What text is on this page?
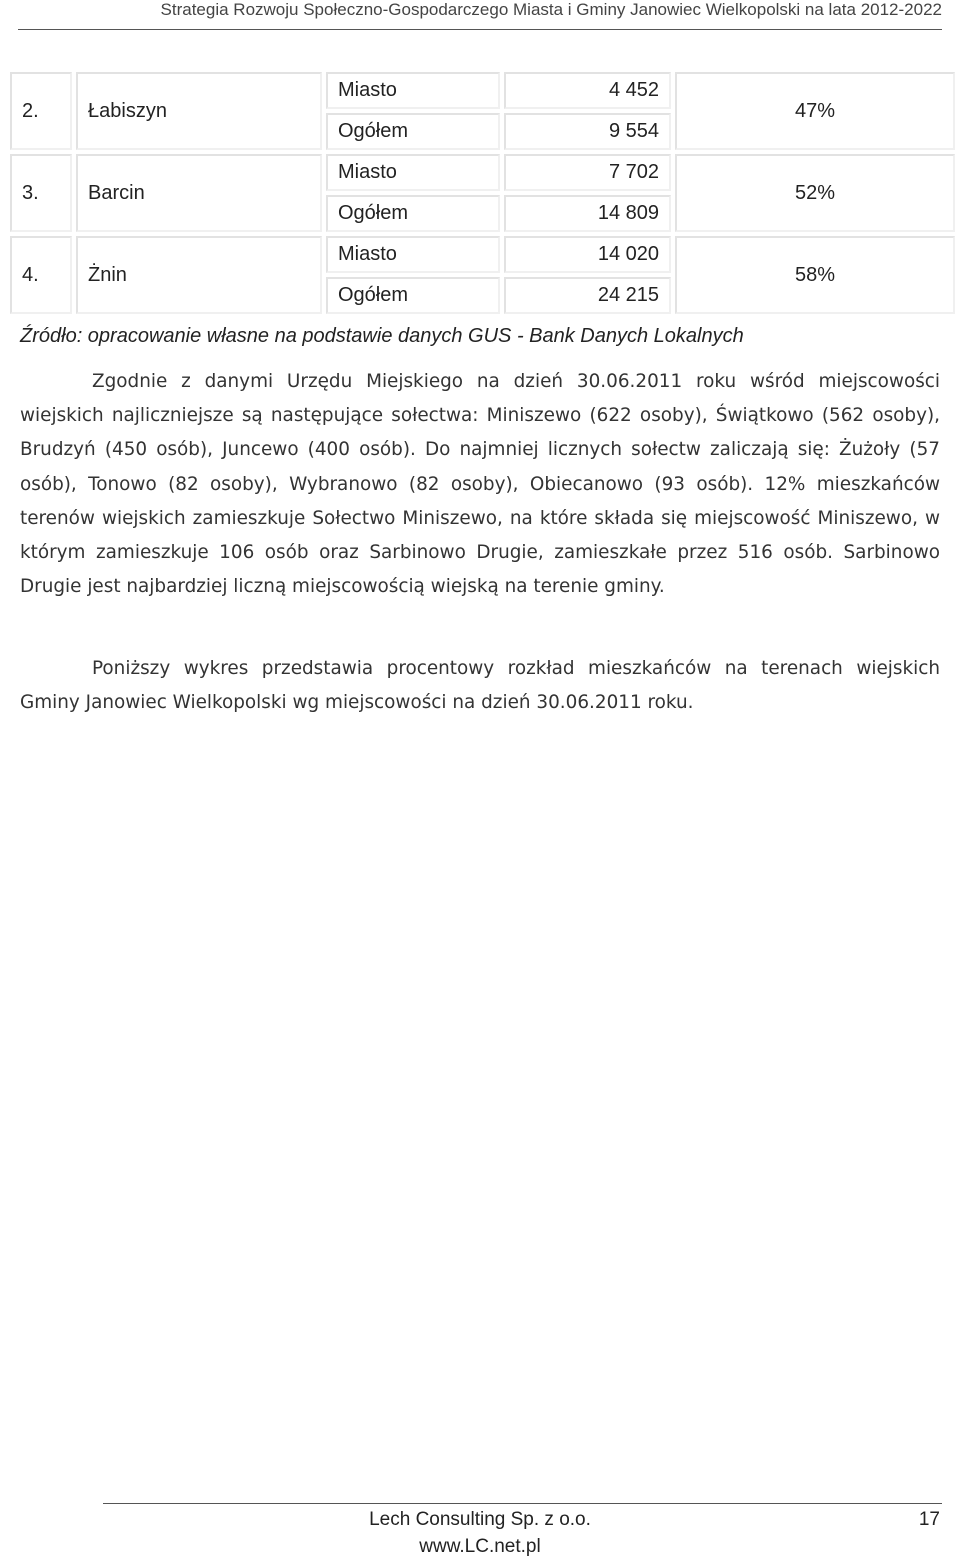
Strategia Rozwoju Społeczno-Gospodarczego Miasta i Gminy Janowiec Wielkopolski na lata 2012-2022
2.	Łabiszyn	Miasto	4 452	47%
		Ogółem	9 554	
3.	Barcin	Miasto	7 702	52%
		Ogółem	14 809	
4.	Żnin	Miasto	14 020	58%
		Ogółem	24 215	
Źródło: opracowanie własne na podstawie danych GUS - Bank Danych Lokalnych
Zgodnie z danymi Urzędu Miejskiego na dzień 30.06.2011 roku wśród miejscowości wiejskich najliczniejsze są następujące sołectwa: Miniszewo (622 osoby), Świątkowo (562 osoby), Brudzyń (450 osób), Juncewo (400 osób). Do najmniej licznych sołectw zaliczają się: Żużoły (57 osób), Tonowo (82 osoby), Wybranowo (82 osoby), Obiecanowo (93 osób). 12% mieszkańców terenów wiejskich zamieszkuje Sołectwo Miniszewo, na które składa się miejscowość Miniszewo, w którym zamieszkuje 106 osób oraz Sarbinowo Drugie, zamieszkałe przez 516 osób. Sarbinowo Drugie jest najbardziej liczną miejscowością wiejską na terenie gminy.
Poniższy wykres przedstawia procentowy rozkład mieszkańców na terenach wiejskich Gminy Janowiec Wielkopolski wg miejscowości na dzień 30.06.2011 roku.
Lech Consulting Sp. z o.o.
www.LC.net.pl
17
